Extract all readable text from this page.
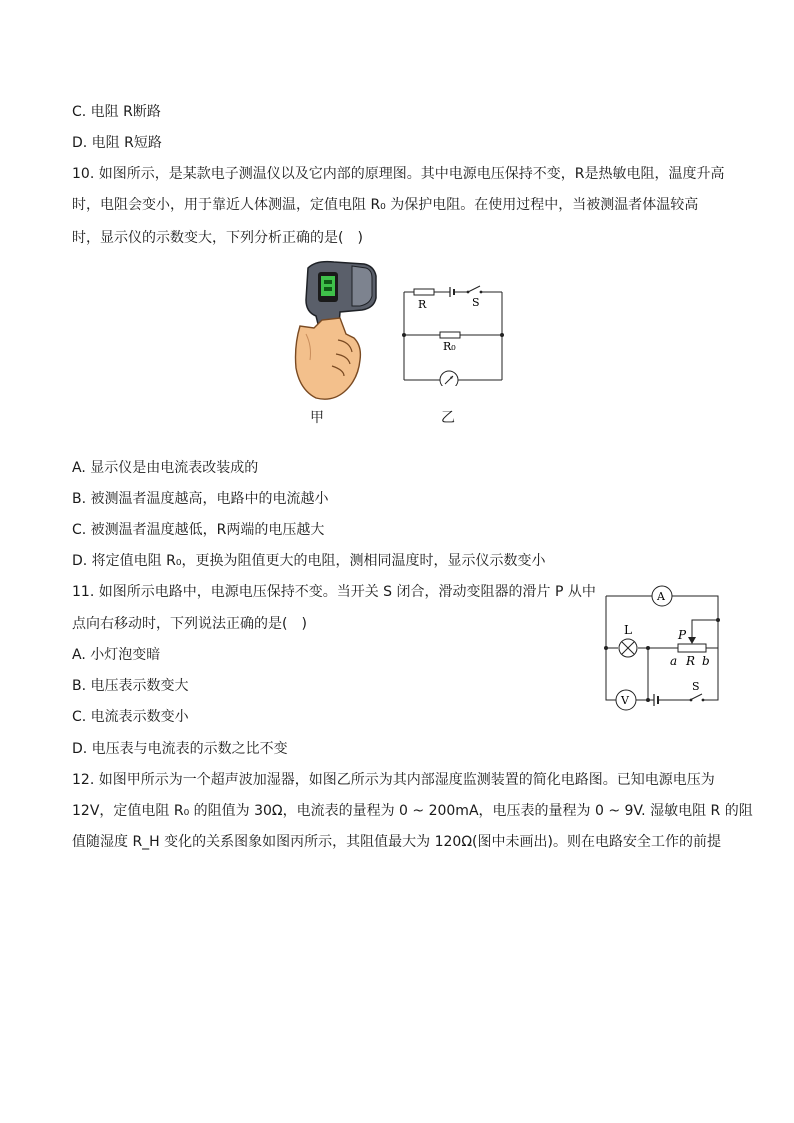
C. 电阻 R断路
D. 电阻 R短路
10. 如图所示，是某款电子测温仪以及它内部的原理图。其中电源电压保持不变，R是热敏电阻，温度升高
时，电阻会变小，用于靠近人体测温，定值电阻 R₀ 为保护电阻。在使用过程中，当被测温者体温较高
时，显示仪的示数变大，下列分析正确的是(　)
甲
R	S
R₀
乙
A. 显示仪是由电流表改装成的
B. 被测温者温度越高，电路中的电流越小
C. 被测温者温度越低，R两端的电压越大
D. 将定值电阻 R₀，更换为阻值更大的电阻，测相同温度时，显示仪示数变小
11. 如图所示电路中，电源电压保持不变。当开关 S 闭合，滑动变阻器的滑片 P 从中
点向右移动时，下列说法正确的是(　)
A
V
L	P
a R b
S
A. 小灯泡变暗
B. 电压表示数变大
C. 电流表示数变小
D. 电压表与电流表的示数之比不变
12. 如图甲所示为一个超声波加湿器，如图乙所示为其内部湿度监测装置的简化电路图。已知电源电压为
12V，定值电阻 R₀ 的阻值为 30Ω，电流表的量程为 0 ~ 200mA，电压表的量程为 0 ~ 9V. 湿敏电阻 R 的阻
值随湿度 R_H 变化的关系图象如图丙所示，其阻值最大为 120Ω(图中未画出)。则在电路安全工作的前提
